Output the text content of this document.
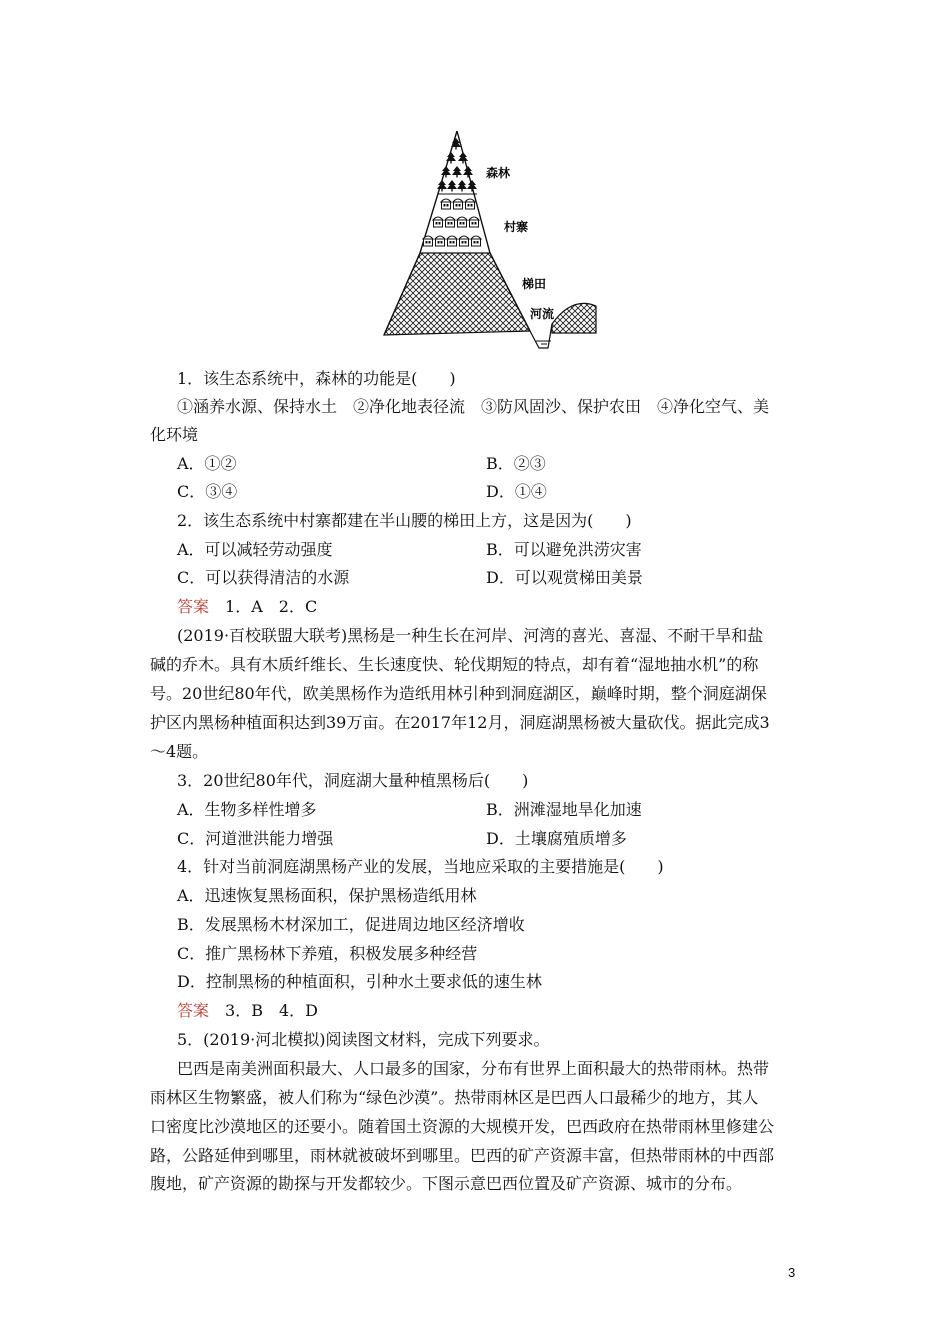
森林
村寨
梯田
河流
1．该生态系统中，森林的功能是(　　)
①涵养水源、保持水土　②净化地表径流　③防风固沙、保护农田　④净化空气、美
化环境
A．①②	B．②③
C．③④	D．①④
2．该生态系统中村寨都建在半山腰的梯田上方，这是因为(　　)
A．可以减轻劳动强度	B．可以避免洪涝灾害
C．可以获得清洁的水源	D．可以观赏梯田美景
答案　 1．A　2．C
(2019·百校联盟大联考)黑杨是一种生长在河岸、河湾的喜光、喜湿、不耐干旱和盐
碱的乔木。具有木质纤维长、生长速度快、轮伐期短的特点，却有着“湿地抽水机”的称
号。20世纪80年代，欧美黑杨作为造纸用林引种到洞庭湖区，巅峰时期，整个洞庭湖保
护区内黑杨种植面积达到39万亩。在2017年12月，洞庭湖黑杨被大量砍伐。据此完成3
～4题。
3．20世纪80年代，洞庭湖大量种植黑杨后(　　)
A．生物多样性增多	B．洲滩湿地旱化加速
C．河道泄洪能力增强	D．土壤腐殖质增多
4．针对当前洞庭湖黑杨产业的发展，当地应采取的主要措施是(　　)
A．迅速恢复黑杨面积，保护黑杨造纸用林
B．发展黑杨木材深加工，促进周边地区经济增收
C．推广黑杨林下养殖，积极发展多种经营
D．控制黑杨的种植面积，引种水土要求低的速生林
答案　 3．B　4．D
5．(2019·河北模拟)阅读图文材料，完成下列要求。
巴西是南美洲面积最大、人口最多的国家，分布有世界上面积最大的热带雨林。热带
雨林区生物繁盛，被人们称为“绿色沙漠”。热带雨林区是巴西人口最稀少的地方，其人
口密度比沙漠地区的还要小。随着国土资源的大规模开发，巴西政府在热带雨林里修建公
路，公路延伸到哪里，雨林就被破坏到哪里。巴西的矿产资源丰富，但热带雨林的中西部
腹地，矿产资源的勘探与开发都较少。下图示意巴西位置及矿产资源、城市的分布。
3
